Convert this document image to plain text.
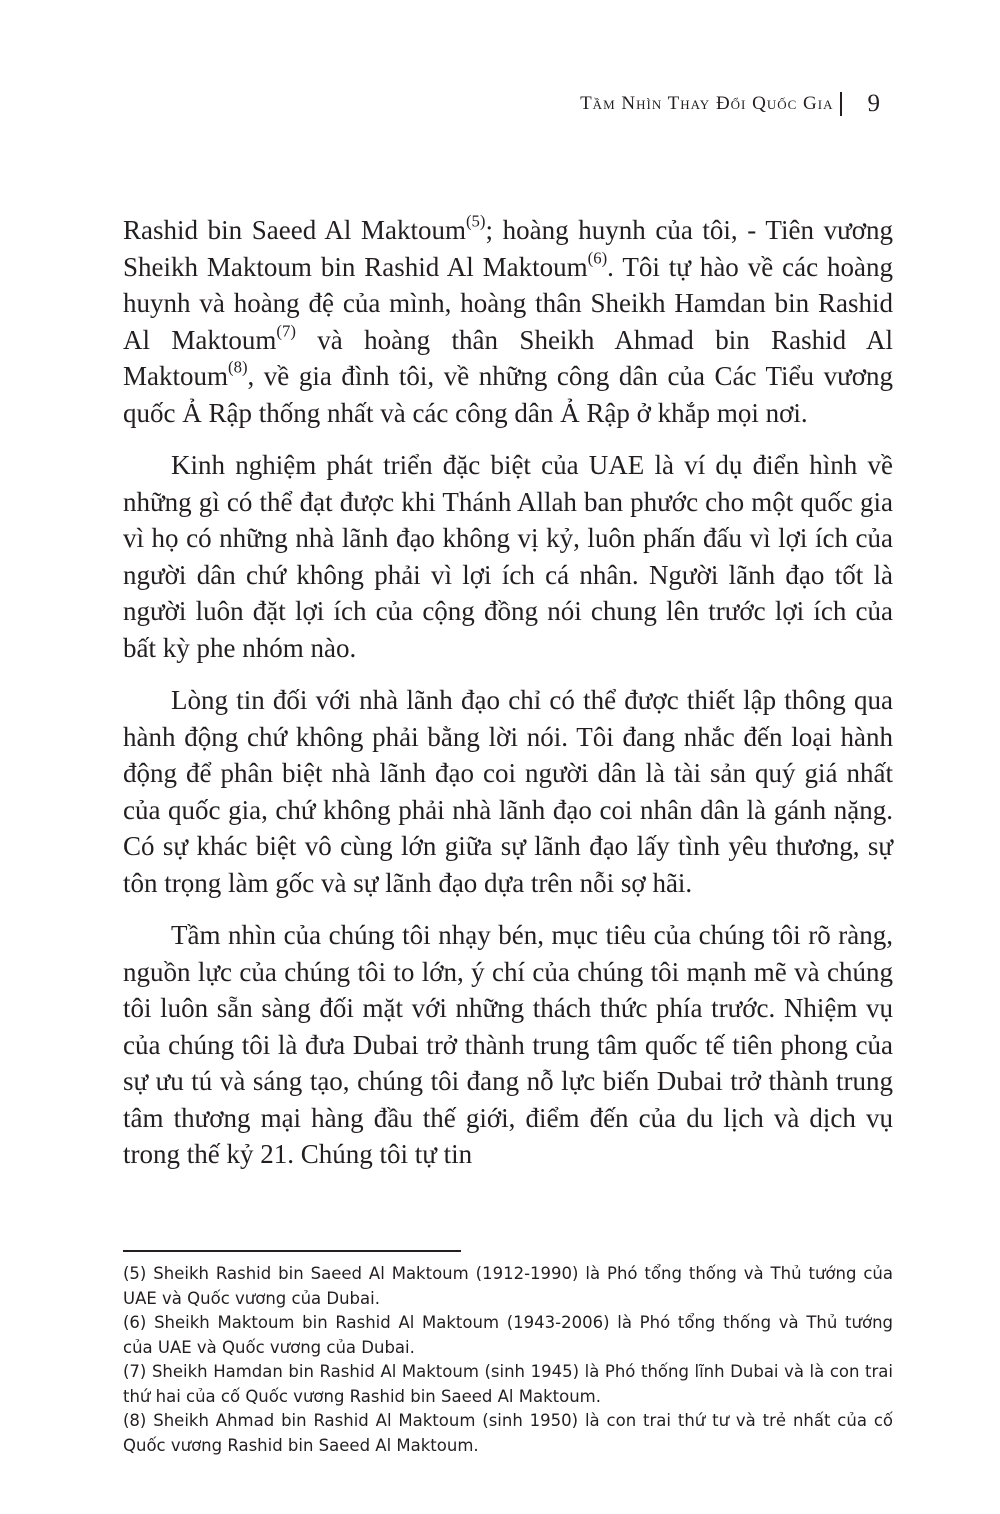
Tầm Nhìn Thay Đổi Quốc Gia 9

Rashid bin Saeed Al Maktoum$^{(5)}$; hoàng huynh của tôi, - Tiên vương Sheikh Maktoum bin Rashid Al Maktoum$^{(6)}$. Tôi tự hào về các hoàng huynh và hoàng đệ của mình, hoàng thân Sheikh Hamdan bin Rashid Al Maktoum$^{(7)}$ và hoàng thân Sheikh Ahmad bin Rashid Al Maktoum$^{(8)}$, về gia đình tôi, về những công dân của Các Tiểu vương quốc Ả Rập thống nhất và các công dân Ả Rập ở khắp mọi nơi.

Kinh nghiệm phát triển đặc biệt của UAE là ví dụ điển hình về những gì có thể đạt được khi Thánh Allah ban phước cho một quốc gia vì họ có những nhà lãnh đạo không vị kỷ, luôn phấn đấu vì lợi ích của người dân chứ không phải vì lợi ích cá nhân. Người lãnh đạo tốt là người luôn đặt lợi ích của cộng đồng nói chung lên trước lợi ích của bất kỳ phe nhóm nào.

Lòng tin đối với nhà lãnh đạo chỉ có thể được thiết lập thông qua hành động chứ không phải bằng lời nói. Tôi đang nhắc đến loại hành động để phân biệt nhà lãnh đạo coi người dân là tài sản quý giá nhất của quốc gia, chứ không phải nhà lãnh đạo coi nhân dân là gánh nặng. Có sự khác biệt vô cùng lớn giữa sự lãnh đạo lấy tình yêu thương, sự tôn trọng làm gốc và sự lãnh đạo dựa trên nỗi sợ hãi.

Tầm nhìn của chúng tôi nhạy bén, mục tiêu của chúng tôi rõ ràng, nguồn lực của chúng tôi to lớn, ý chí của chúng tôi mạnh mẽ và chúng tôi luôn sẵn sàng đối mặt với những thách thức phía trước. Nhiệm vụ của chúng tôi là đưa Dubai trở thành trung tâm quốc tế tiên phong của sự ưu tú và sáng tạo, chúng tôi đang nỗ lực biến Dubai trở thành trung tâm thương mại hàng đầu thế giới, điểm đến của du lịch và dịch vụ trong thế kỷ 21. Chúng tôi tự tin

(5) Sheikh Rashid bin Saeed Al Maktoum (1912-1990) là Phó tổng thống và Thủ tướng của UAE và Quốc vương của Dubai.
(6) Sheikh Maktoum bin Rashid Al Maktoum (1943-2006) là Phó tổng thống và Thủ tướng của UAE và Quốc vương của Dubai.
(7) Sheikh Hamdan bin Rashid Al Maktoum (sinh 1945) là Phó thống lĩnh Dubai và là con trai thứ hai của cố Quốc vương Rashid bin Saeed Al Maktoum.
(8) Sheikh Ahmad bin Rashid Al Maktoum (sinh 1950) là con trai thứ tư và trẻ nhất của cố Quốc vương Rashid bin Saeed Al Maktoum.
